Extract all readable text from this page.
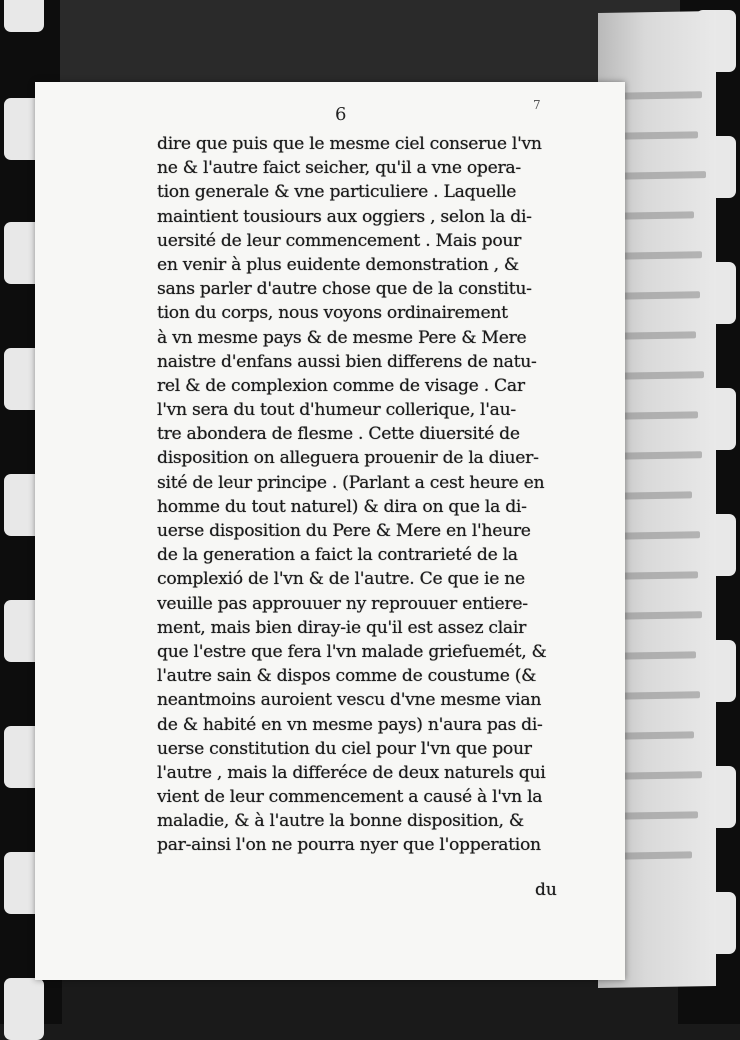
6	7
dire que puis que le mesme ciel conserue l'vn
ne & l'autre faict seicher, qu'il a vne opera-
tion generale & vne particuliere . Laquelle
maintient tousiours aux oggiers , selon la di-
uersité de leur commencement . Mais pour
en venir à plus euidente demonstration , &
sans parler d'autre chose que de la constitu-
tion du corps, nous voyons ordinairement
à vn mesme pays & de mesme Pere & Mere
naistre d'enfans aussi bien differens de natu-
rel & de complexion comme de visage . Car
l'vn sera du tout d'humeur collerique, l'au-
tre abondera de flesme . Cette diuersité de
disposition on alleguera prouenir de la diuer-
sité de leur principe . (Parlant a cest heure en
homme du tout naturel) & dira on que la di-
uerse disposition du Pere & Mere en l'heure
de la generation a faict la contrarieté de la
complexió de l'vn & de l'autre. Ce que ie ne
veuille pas approuuer ny reprouuer entiere-
ment, mais bien diray-ie qu'il est assez clair
que l'estre que fera l'vn malade griefuemét, &
l'autre sain & dispos comme de coustume (&
neantmoins auroient vescu d'vne mesme vian
de & habité en vn mesme pays) n'aura pas di-
uerse constitution du ciel pour l'vn que pour
l'autre , mais la differéce de deux naturels qui
vient de leur commencement a causé à l'vn la
maladie, & à l'autre la bonne disposition, &
par-ainsi l'on ne pourra nyer que l'opperation
du
